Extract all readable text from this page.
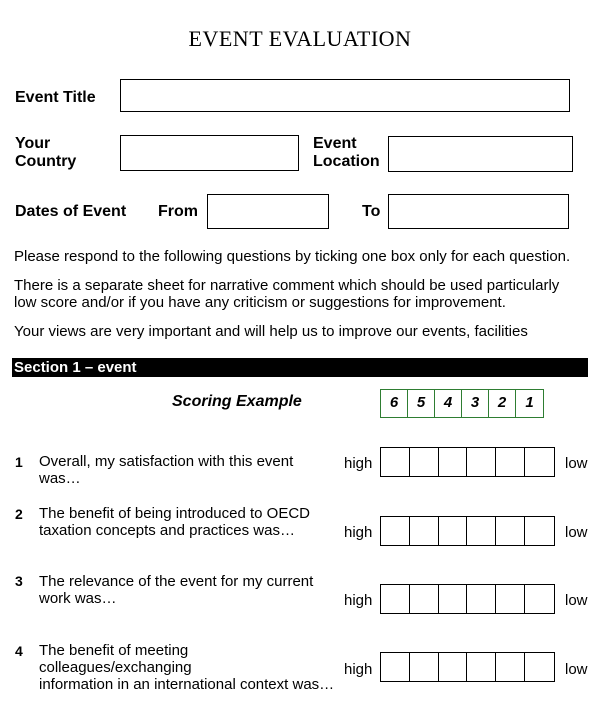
EVENT EVALUATION
Event Title
Your
Country
Event
Location
Dates of Event From	To
Please respond to the following questions by ticking one box only for each question.
There is a separate sheet for narrative comment which should be used particularly
low score and/or if you have any criticism or suggestions for improvement.
Your views are very important and will help us to improve our events, facilities
Section 1 – event
Scoring Example	6	5	4	3	2	1
1 Overall, my satisfaction with this event was…
high	low
2 The benefit of being introduced to OECD
taxation concepts and practices was…	high	low
3 The relevance of the event for my current
work was…	high	low
4 The benefit of meeting colleagues/exchanging
information in an international context was…
high	low
